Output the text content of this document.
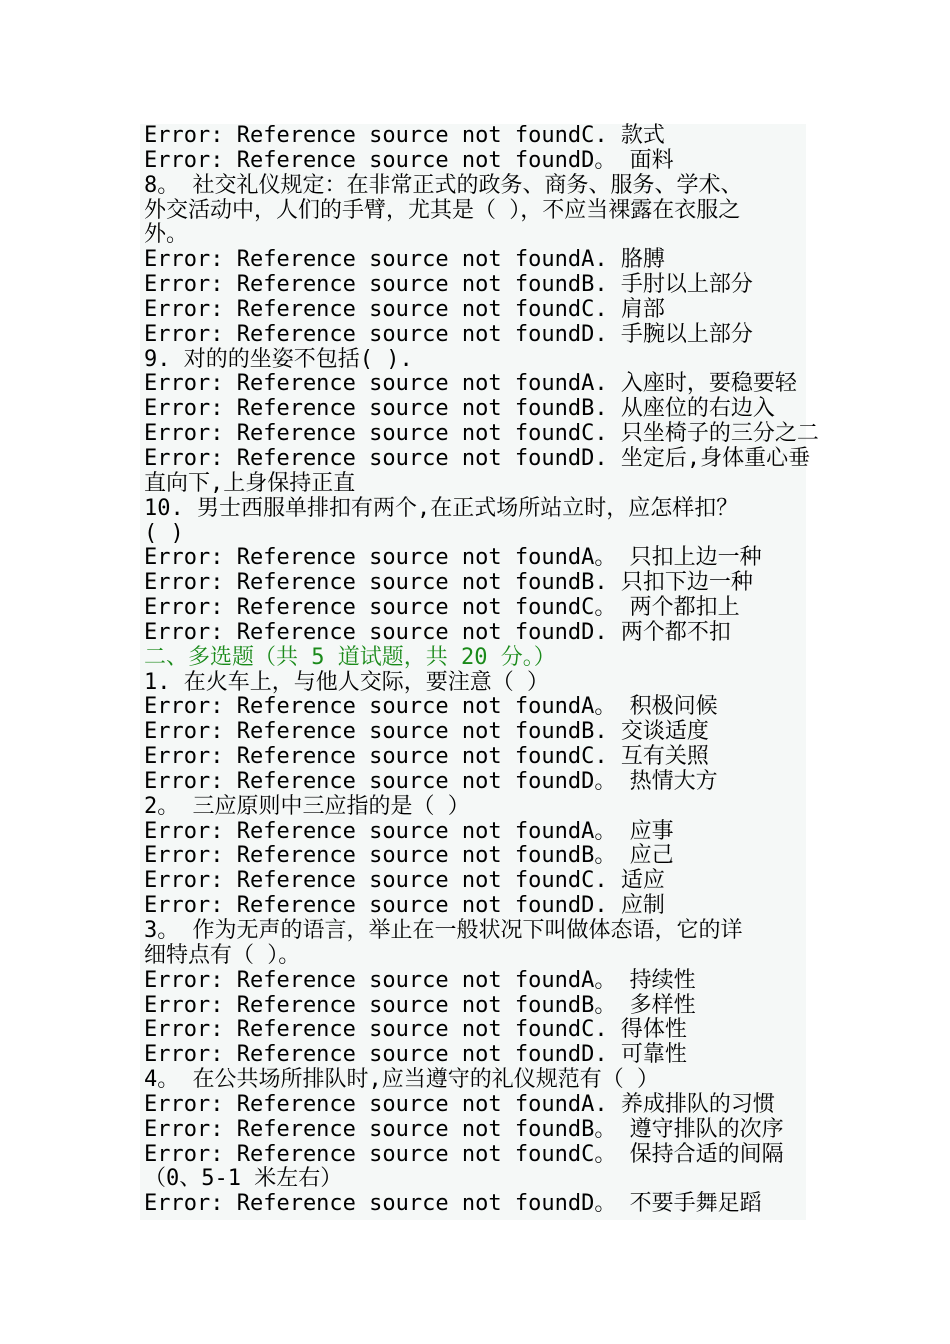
Error: Reference source not foundC. 款式
Error: Reference source not foundD。 面料
8。 社交礼仪规定：在非常正式的政务、商务、服务、学术、
外交活动中，人们的手臂，尤其是（ ），不应当裸露在衣服之
外。
Error: Reference source not foundA. 胳膊
Error: Reference source not foundB. 手肘以上部分
Error: Reference source not foundC. 肩部
Error: Reference source not foundD. 手腕以上部分
9. 对的的坐姿不包括( ).
Error: Reference source not foundA. 入座时，要稳要轻
Error: Reference source not foundB. 从座位的右边入
Error: Reference source not foundC. 只坐椅子的三分之二
Error: Reference source not foundD. 坐定后,身体重心垂
直向下,上身保持正直
10. 男士西服单排扣有两个,在正式场所站立时，应怎样扣？
( )
Error: Reference source not foundA。 只扣上边一种
Error: Reference source not foundB. 只扣下边一种
Error: Reference source not foundC。 两个都扣上
Error: Reference source not foundD. 两个都不扣
二、多选题（共 5 道试题，共 20 分。）
1. 在火车上，与他人交际，要注意（ ）
Error: Reference source not foundA。 积极问候
Error: Reference source not foundB. 交谈适度
Error: Reference source not foundC. 互有关照
Error: Reference source not foundD。 热情大方
2。 三应原则中三应指的是（ ）
Error: Reference source not foundA。 应事
Error: Reference source not foundB。 应己
Error: Reference source not foundC. 适应
Error: Reference source not foundD. 应制
3。 作为无声的语言，举止在一般状况下叫做体态语，它的详
细特点有（ ）。
Error: Reference source not foundA。 持续性
Error: Reference source not foundB。 多样性
Error: Reference source not foundC. 得体性
Error: Reference source not foundD. 可靠性
4。 在公共场所排队时,应当遵守的礼仪规范有（ ）
Error: Reference source not foundA. 养成排队的习惯
Error: Reference source not foundB。 遵守排队的次序
Error: Reference source not foundC。 保持合适的间隔
（0、5-1 米左右）
Error: Reference source not foundD。 不要手舞足蹈
